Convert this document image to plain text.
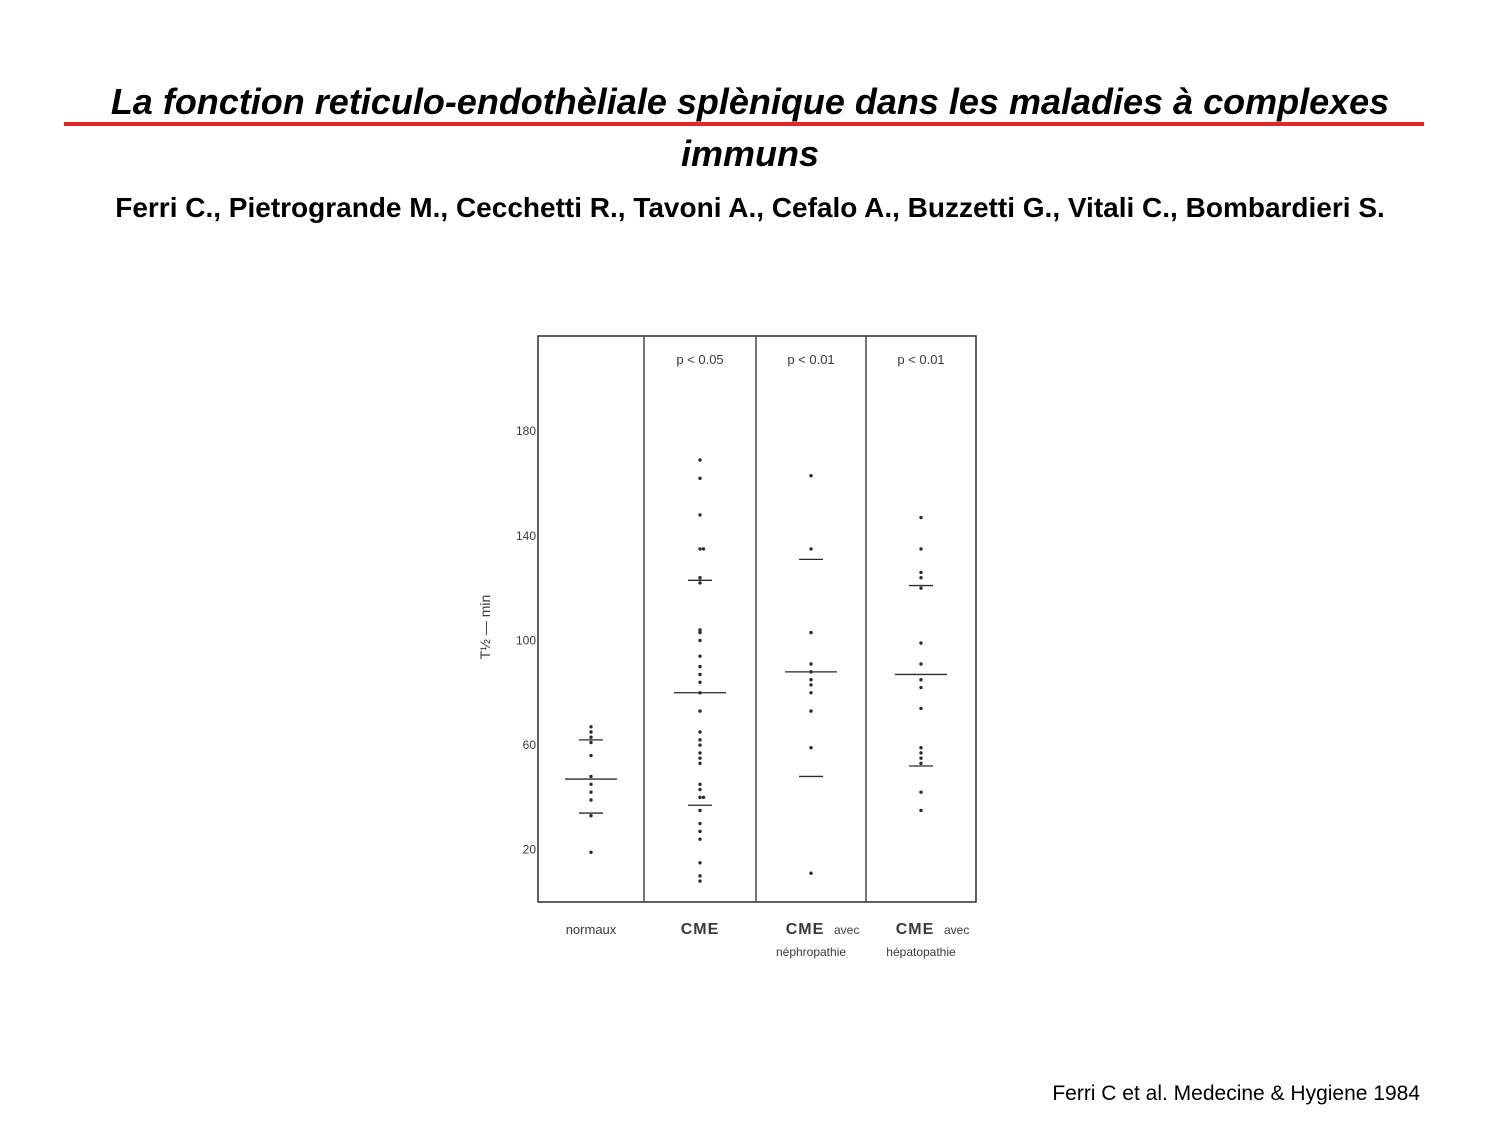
La fonction reticulo-endothèliale splènique dans les maladies à complexes immuns

Ferri C., Pietrogrande M., Cecchetti R., Tavoni A., Cefalo A., Buzzetti G., Vitali C., Bombardieri S.

20
60
100
140
180
T½ — min
normaux
p < 0.05
CME
p < 0.01
CME avec
néphropathie
p < 0.01
CME avec
hépatopathie

Ferri C et al. Medecine & Hygiene 1984
